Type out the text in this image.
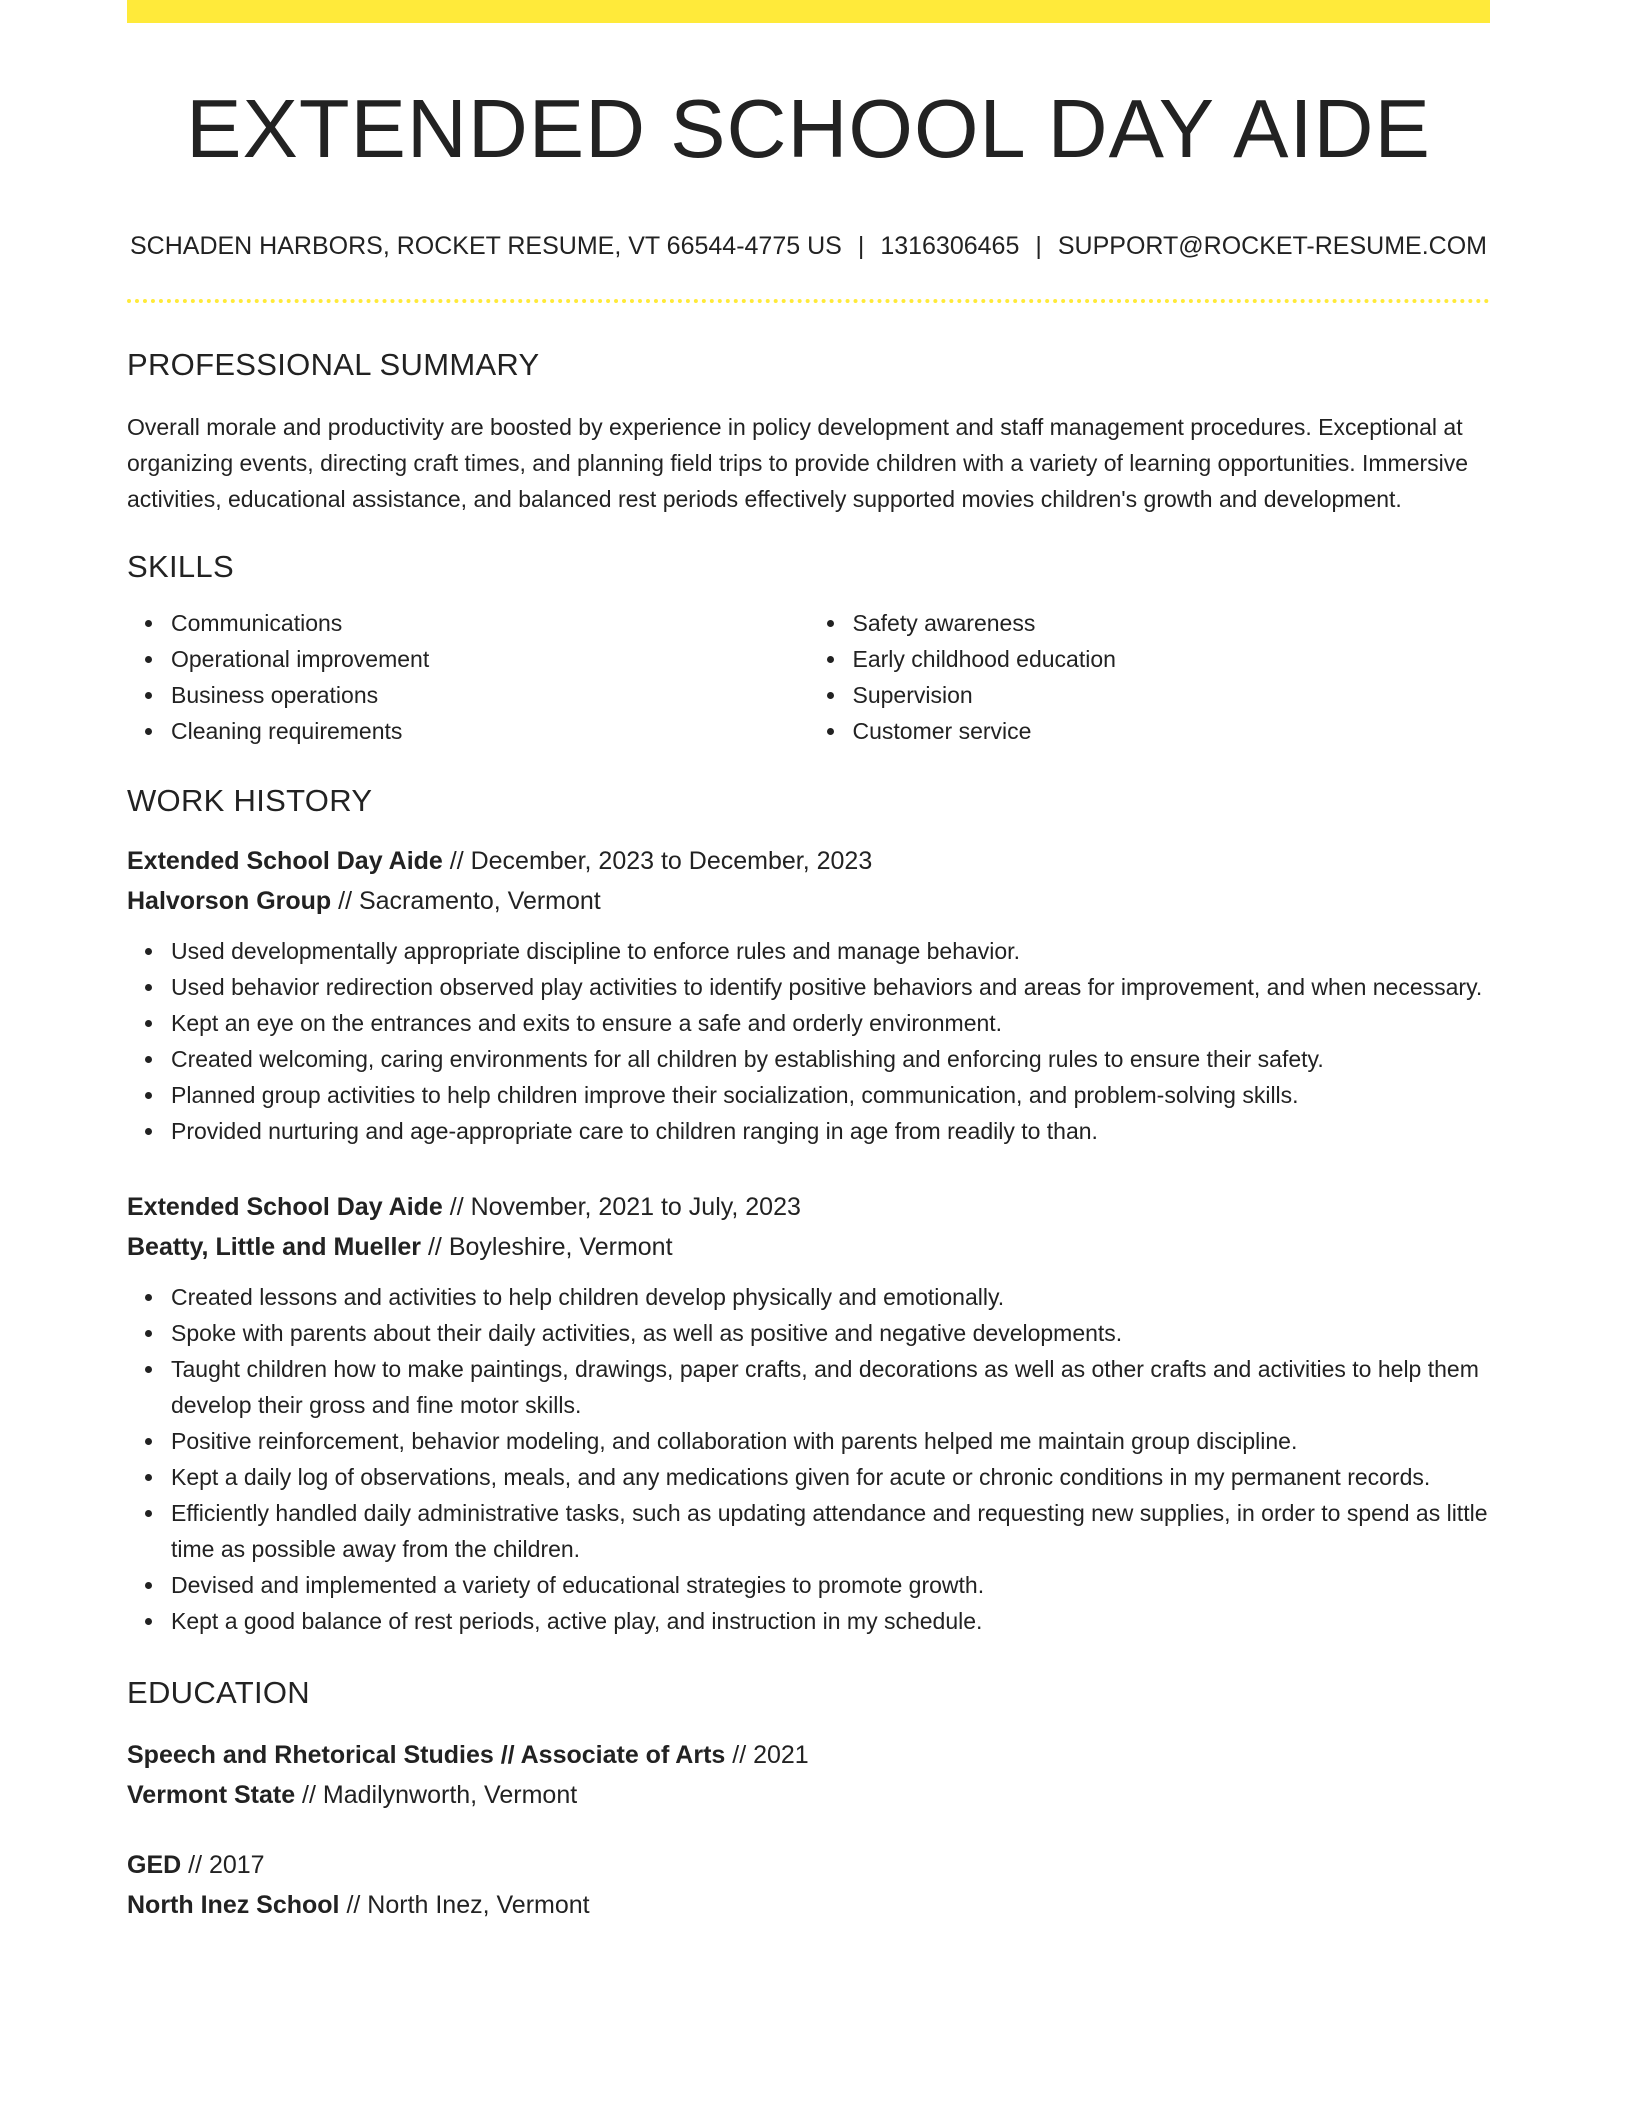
EXTENDED SCHOOL DAY AIDE
SCHADEN HARBORS, ROCKET RESUME, VT 66544-4775 US | 1316306465 | SUPPORT@ROCKET-RESUME.COM
PROFESSIONAL SUMMARY

Overall morale and productivity are boosted by experience in policy development and staff management procedures. Exceptional at organizing events, directing craft times, and planning field trips to provide children with a variety of learning opportunities. Immersive activities, educational assistance, and balanced rest periods effectively supported movies children's growth and development.

SKILLS
Communications
Operational improvement
Business operations
Cleaning requirements
Safety awareness
Early childhood education
Supervision
Customer service
WORK HISTORY
Extended School Day Aide // December, 2023 to December, 2023
Halvorson Group // Sacramento, Vermont
Used developmentally appropriate discipline to enforce rules and manage behavior.
Used behavior redirection observed play activities to identify positive behaviors and areas for improvement, and when necessary.
Kept an eye on the entrances and exits to ensure a safe and orderly environment.
Created welcoming, caring environments for all children by establishing and enforcing rules to ensure their safety.
Planned group activities to help children improve their socialization, communication, and problem-solving skills.
Provided nurturing and age-appropriate care to children ranging in age from readily to than.
Extended School Day Aide // November, 2021 to July, 2023
Beatty, Little and Mueller // Boyleshire, Vermont
Created lessons and activities to help children develop physically and emotionally.
Spoke with parents about their daily activities, as well as positive and negative developments.
Taught children how to make paintings, drawings, paper crafts, and decorations as well as other crafts and activities to help them develop their gross and fine motor skills.
Positive reinforcement, behavior modeling, and collaboration with parents helped me maintain group discipline.
Kept a daily log of observations, meals, and any medications given for acute or chronic conditions in my permanent records.
Efficiently handled daily administrative tasks, such as updating attendance and requesting new supplies, in order to spend as little time as possible away from the children.
Devised and implemented a variety of educational strategies to promote growth.
Kept a good balance of rest periods, active play, and instruction in my schedule.
EDUCATION
Speech and Rhetorical Studies // Associate of Arts // 2021
Vermont State // Madilynworth, Vermont
GED // 2017
North Inez School // North Inez, Vermont
